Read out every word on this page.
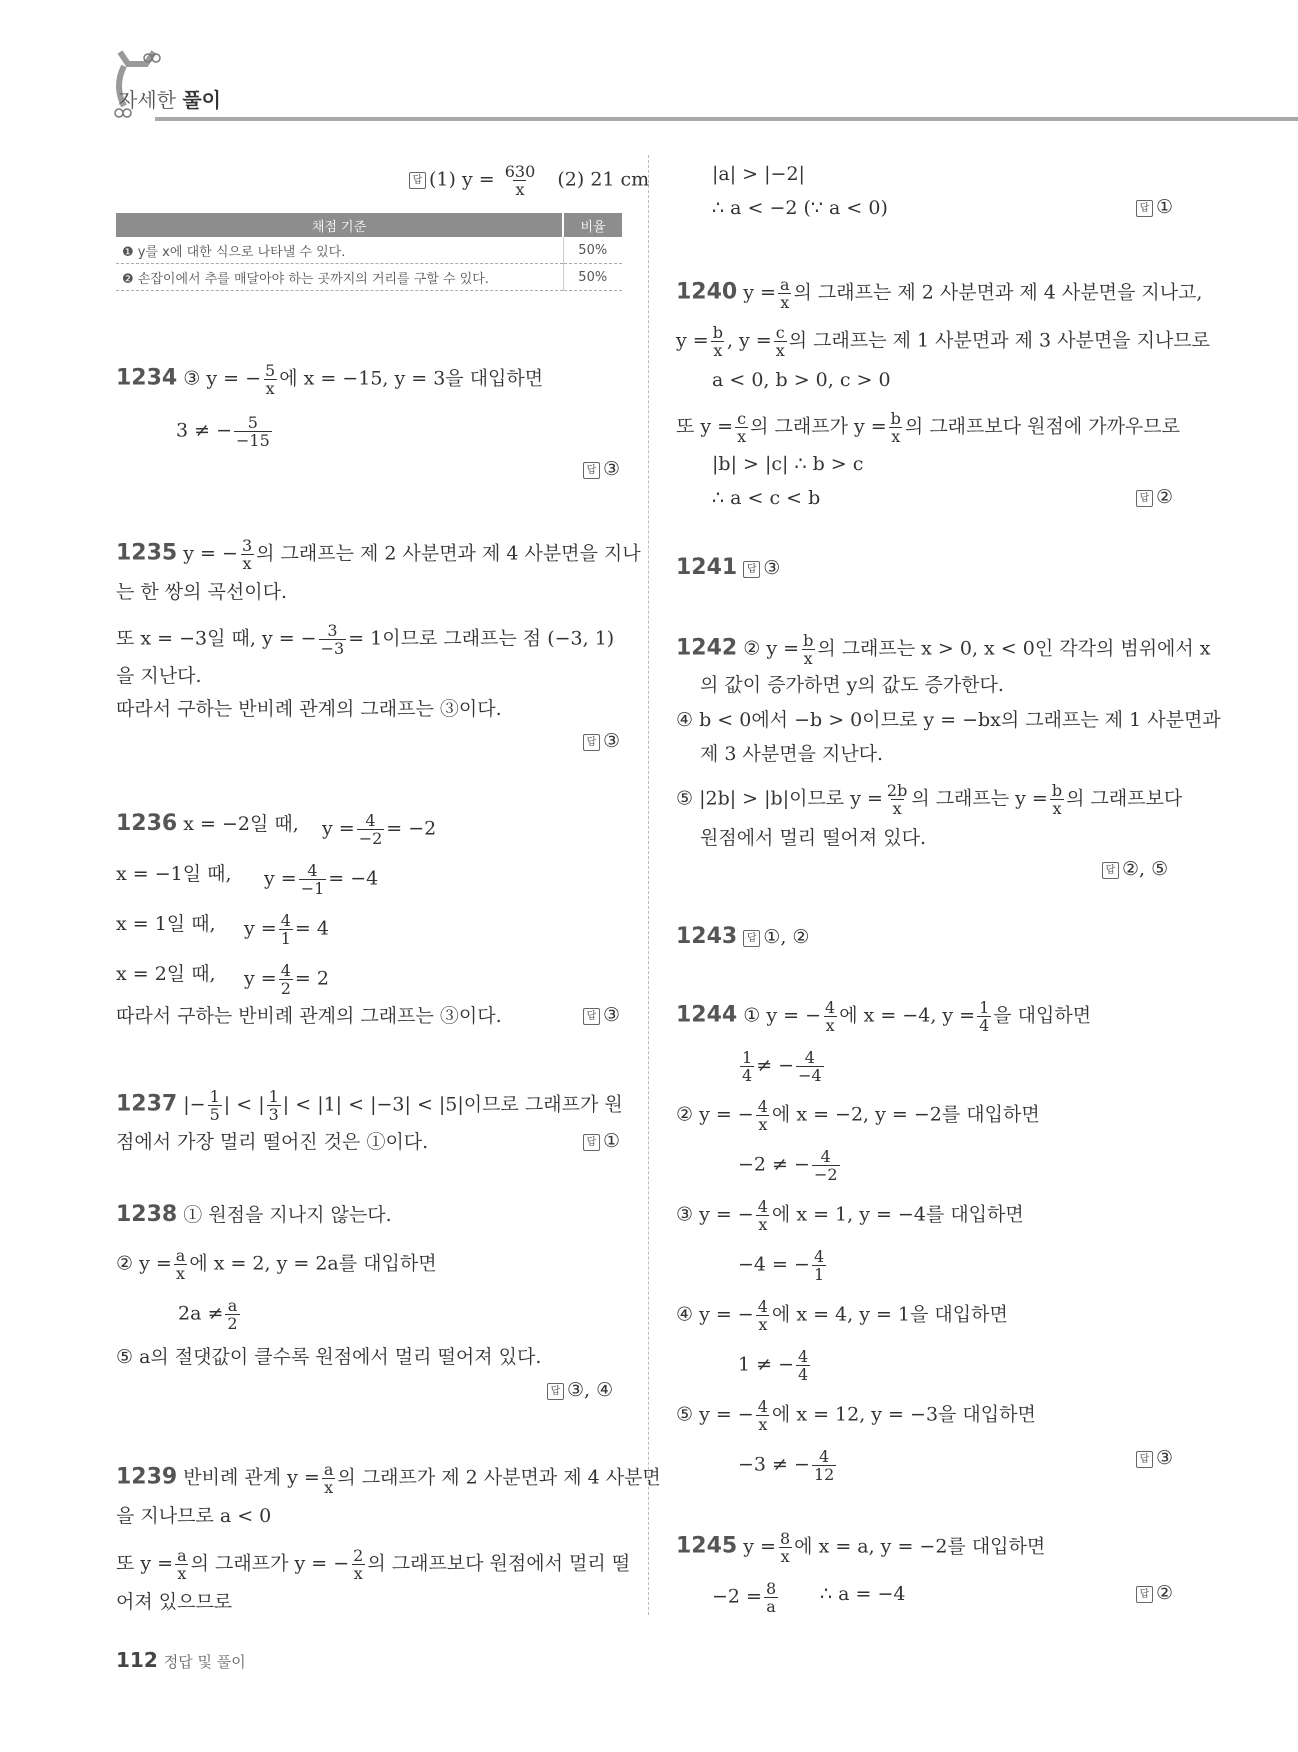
자세한 풀이
답 (1) $y = \frac{630}{x} (2)$ 21 cm
채점 기준	비율
❶ y를 x에 대한 식으로 나타낼 수 있다.	50%
❷ 손잡이에서 추를 매달아야 하는 곳까지의 거리를 구할 수 있다.	50%
1234 ③ y = − $\frac{5}{x}$ 에 x = −15, y = 3을 대입하면
3 ≠ − $\frac{5}{-15}$
답 ③
1235 y = − $\frac{3}{x}$ 의 그래프는 제 2 사분면과 제 4 사분면을 지나
는 한 쌍의 곡선이다.
또 x = −3일 때, y = − $\frac{3}{-3} = 1$이므로 그래프는 점 (−3, 1)
을 지난다.
따라서 구하는 반비례 관계의 그래프는 ③이다.
답 ③
1236 x = −2일 때, $y = \frac{4}{-2} = -2$
x = −1일 때, $y = \frac{4}{-1} = -4$
x = 1일 때, $y = \frac{4}{1} = 4$
x = 2일 때, $y = \frac{4}{2} = 2$
따라서 구하는 반비례 관계의 그래프는 ③이다.	답 ③
1237 |− $\frac{1}{5}$ | < | $\frac{1}{3}$ | < |1| < |−3| < |5|이므로 그래프가 원
점에서 가장 멀리 떨어진 것은 ①이다.	답 ①
1238 ① 원점을 지나지 않는다.
② $y = \frac{a}{x}$ 에 x = 2, y = 2a를 대입하면
$2a \ne \frac{a}{2}$
⑤ a의 절댓값이 클수록 원점에서 멀리 떨어져 있다.
답 ③, ④
1239 반비례 관계 $y = \frac{a}{x}$ 의 그래프가 제 2 사분면과 제 4 사분면
을 지나므로 a < 0
또 $y = \frac{a}{x}$ 의 그래프가 y = − $\frac{2}{x}$ 의 그래프보다 원점에서 멀리 떨
어져 있으므로
|a| > |−2|
∴ a < −2 (∵ a < 0)	답 ①
1240 $y = \frac{a}{x}$ 의 그래프는 제 2 사분면과 제 4 사분면을 지나고,
$y = \frac{b}{x}$ , $y = \frac{c}{x}$ 의 그래프는 제 1 사분면과 제 3 사분면을 지나므로
a < 0, b > 0, c > 0
또 $y = \frac{c}{x}$ 의 그래프가 $y = \frac{b}{x}$ 의 그래프보다 원점에 가까우므로
|b| > |c| ∴ b > c
∴ a < c < b	답 ②
1241 답 ③
1242 ② $y = \frac{b}{x}$ 의 그래프는 x > 0, x < 0인 각각의 범위에서 x
의 값이 증가하면 y의 값도 증가한다.
④ b < 0에서 −b > 0이므로 y = −bx의 그래프는 제 1 사분면과
제 3 사분면을 지난다.
⑤ |2b| > |b|이므로 $y = \frac{2b}{x}$ 의 그래프는 $y = \frac{b}{x}$ 의 그래프보다
원점에서 멀리 떨어져 있다.
답 ②, ⑤
1243 답 ①, ②
1244 ① y = − $\frac{4}{x}$ 에 x = −4, $y = \frac{1}{4}$ 을 대입하면
$\frac{1}{4}$ ≠ − $\frac{4}{-4}$
② y = − $\frac{4}{x}$ 에 x = −2, y = −2를 대입하면
−2 ≠ − $\frac{4}{-2}$
③ y = − $\frac{4}{x}$ 에 x = 1, y = −4를 대입하면
−4 = − $\frac{4}{1}$
④ y = − $\frac{4}{x}$ 에 x = 4, y = 1을 대입하면
1 ≠ − $\frac{4}{4}$
⑤ y = − $\frac{4}{x}$ 에 x = 12, y = −3을 대입하면
−3 ≠ − $\frac{4}{12}$	답 ③
1245 $y = \frac{8}{x}$ 에 x = a, y = −2를 대입하면
$-2 = \frac{8}{a}$ ∴ a = −4	답 ②
112 정답 및 풀이
